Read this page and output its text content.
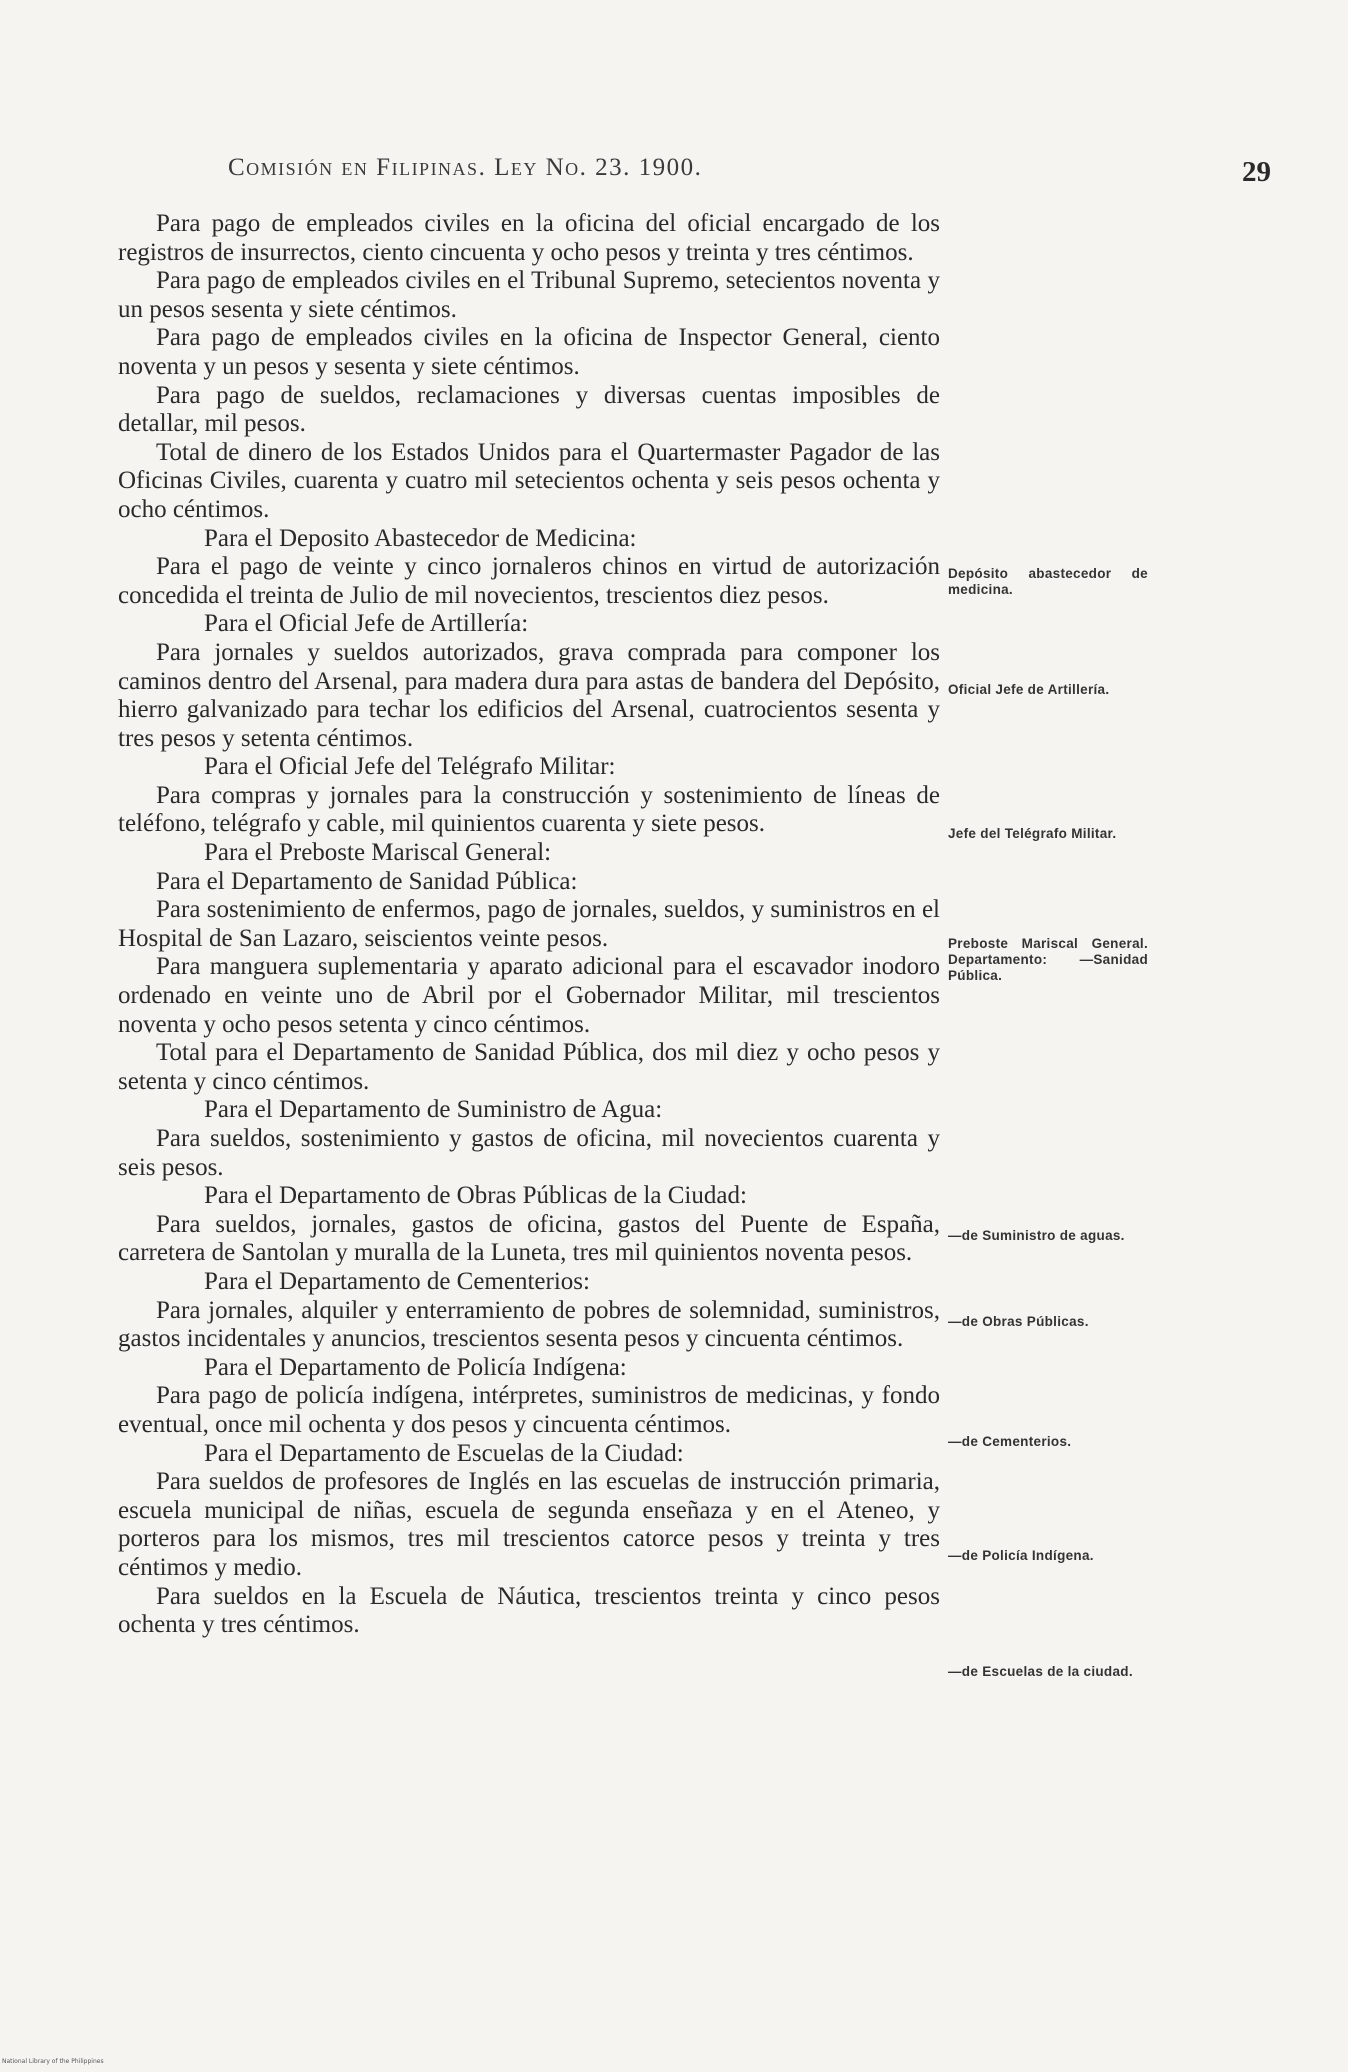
Comisión en Filipinas. Ley No. 23. 1900.	29

Para pago de empleados civiles en la oficina del oficial encargado de los registros de insurrectos, ciento cincuenta y ocho pesos y treinta y tres céntimos.

Para pago de empleados civiles en el Tribunal Supremo, setecientos noventa y un pesos sesenta y siete céntimos.

Para pago de empleados civiles en la oficina de Inspector General, ciento noventa y un pesos y sesenta y siete céntimos.

Para pago de sueldos, reclamaciones y diversas cuentas imposibles de detallar, mil pesos.

Total de dinero de los Estados Unidos para el Quartermaster Pagador de las Oficinas Civiles, cuarenta y cuatro mil setecientos ochenta y seis pesos ochenta y ocho céntimos.

Para el Deposito Abastecedor de Medicina:

Para el pago de veinte y cinco jornaleros chinos en virtud de autorización concedida el treinta de Julio de mil novecientos, trescientos diez pesos.

Para el Oficial Jefe de Artillería:

Para jornales y sueldos autorizados, grava comprada para componer los caminos dentro del Arsenal, para madera dura para astas de bandera del Depósito, hierro galvanizado para techar los edificios del Arsenal, cuatrocientos sesenta y tres pesos y setenta céntimos.

Para el Oficial Jefe del Telégrafo Militar:

Para compras y jornales para la construcción y sostenimiento de líneas de teléfono, telégrafo y cable, mil quinientos cuarenta y siete pesos.

Para el Preboste Mariscal General:

Para el Departamento de Sanidad Pública:

Para sostenimiento de enfermos, pago de jornales, sueldos, y suministros en el Hospital de San Lazaro, seiscientos veinte pesos.

Para manguera suplementaria y aparato adicional para el escavador inodoro ordenado en veinte uno de Abril por el Gobernador Militar, mil trescientos noventa y ocho pesos setenta y cinco céntimos.

Total para el Departamento de Sanidad Pública, dos mil diez y ocho pesos y setenta y cinco céntimos.

Para el Departamento de Suministro de Agua:

Para sueldos, sostenimiento y gastos de oficina, mil novecientos cuarenta y seis pesos.

Para el Departamento de Obras Públicas de la Ciudad:

Para sueldos, jornales, gastos de oficina, gastos del Puente de España, carretera de Santolan y muralla de la Luneta, tres mil quinientos noventa pesos.

Para el Departamento de Cementerios:

Para jornales, alquiler y enterramiento de pobres de solemnidad, suministros, gastos incidentales y anuncios, trescientos sesenta pesos y cincuenta céntimos.

Para el Departamento de Policía Indígena:

Para pago de policía indígena, intérpretes, suministros de medicinas, y fondo eventual, once mil ochenta y dos pesos y cincuenta céntimos.

Para el Departamento de Escuelas de la Ciudad:

Para sueldos de profesores de Inglés en las escuelas de instrucción primaria, escuela municipal de niñas, escuela de segunda enseñaza y en el Ateneo, y porteros para los mismos, tres mil trescientos catorce pesos y treinta y tres céntimos y medio.

Para sueldos en la Escuela de Náutica, trescientos treinta y cinco pesos ochenta y tres céntimos.

Depósito abastecedor de medicina.
Oficial Jefe de Artillería.
Jefe del Telégrafo Militar.
Preboste Mariscal General. Departamento: —Sanidad Pública.
—de Suministro de aguas.
—de Obras Públicas.
—de Cementerios.
—de Policía Indígena.
—de Escuelas de la ciudad.
National Library of the Philippines
